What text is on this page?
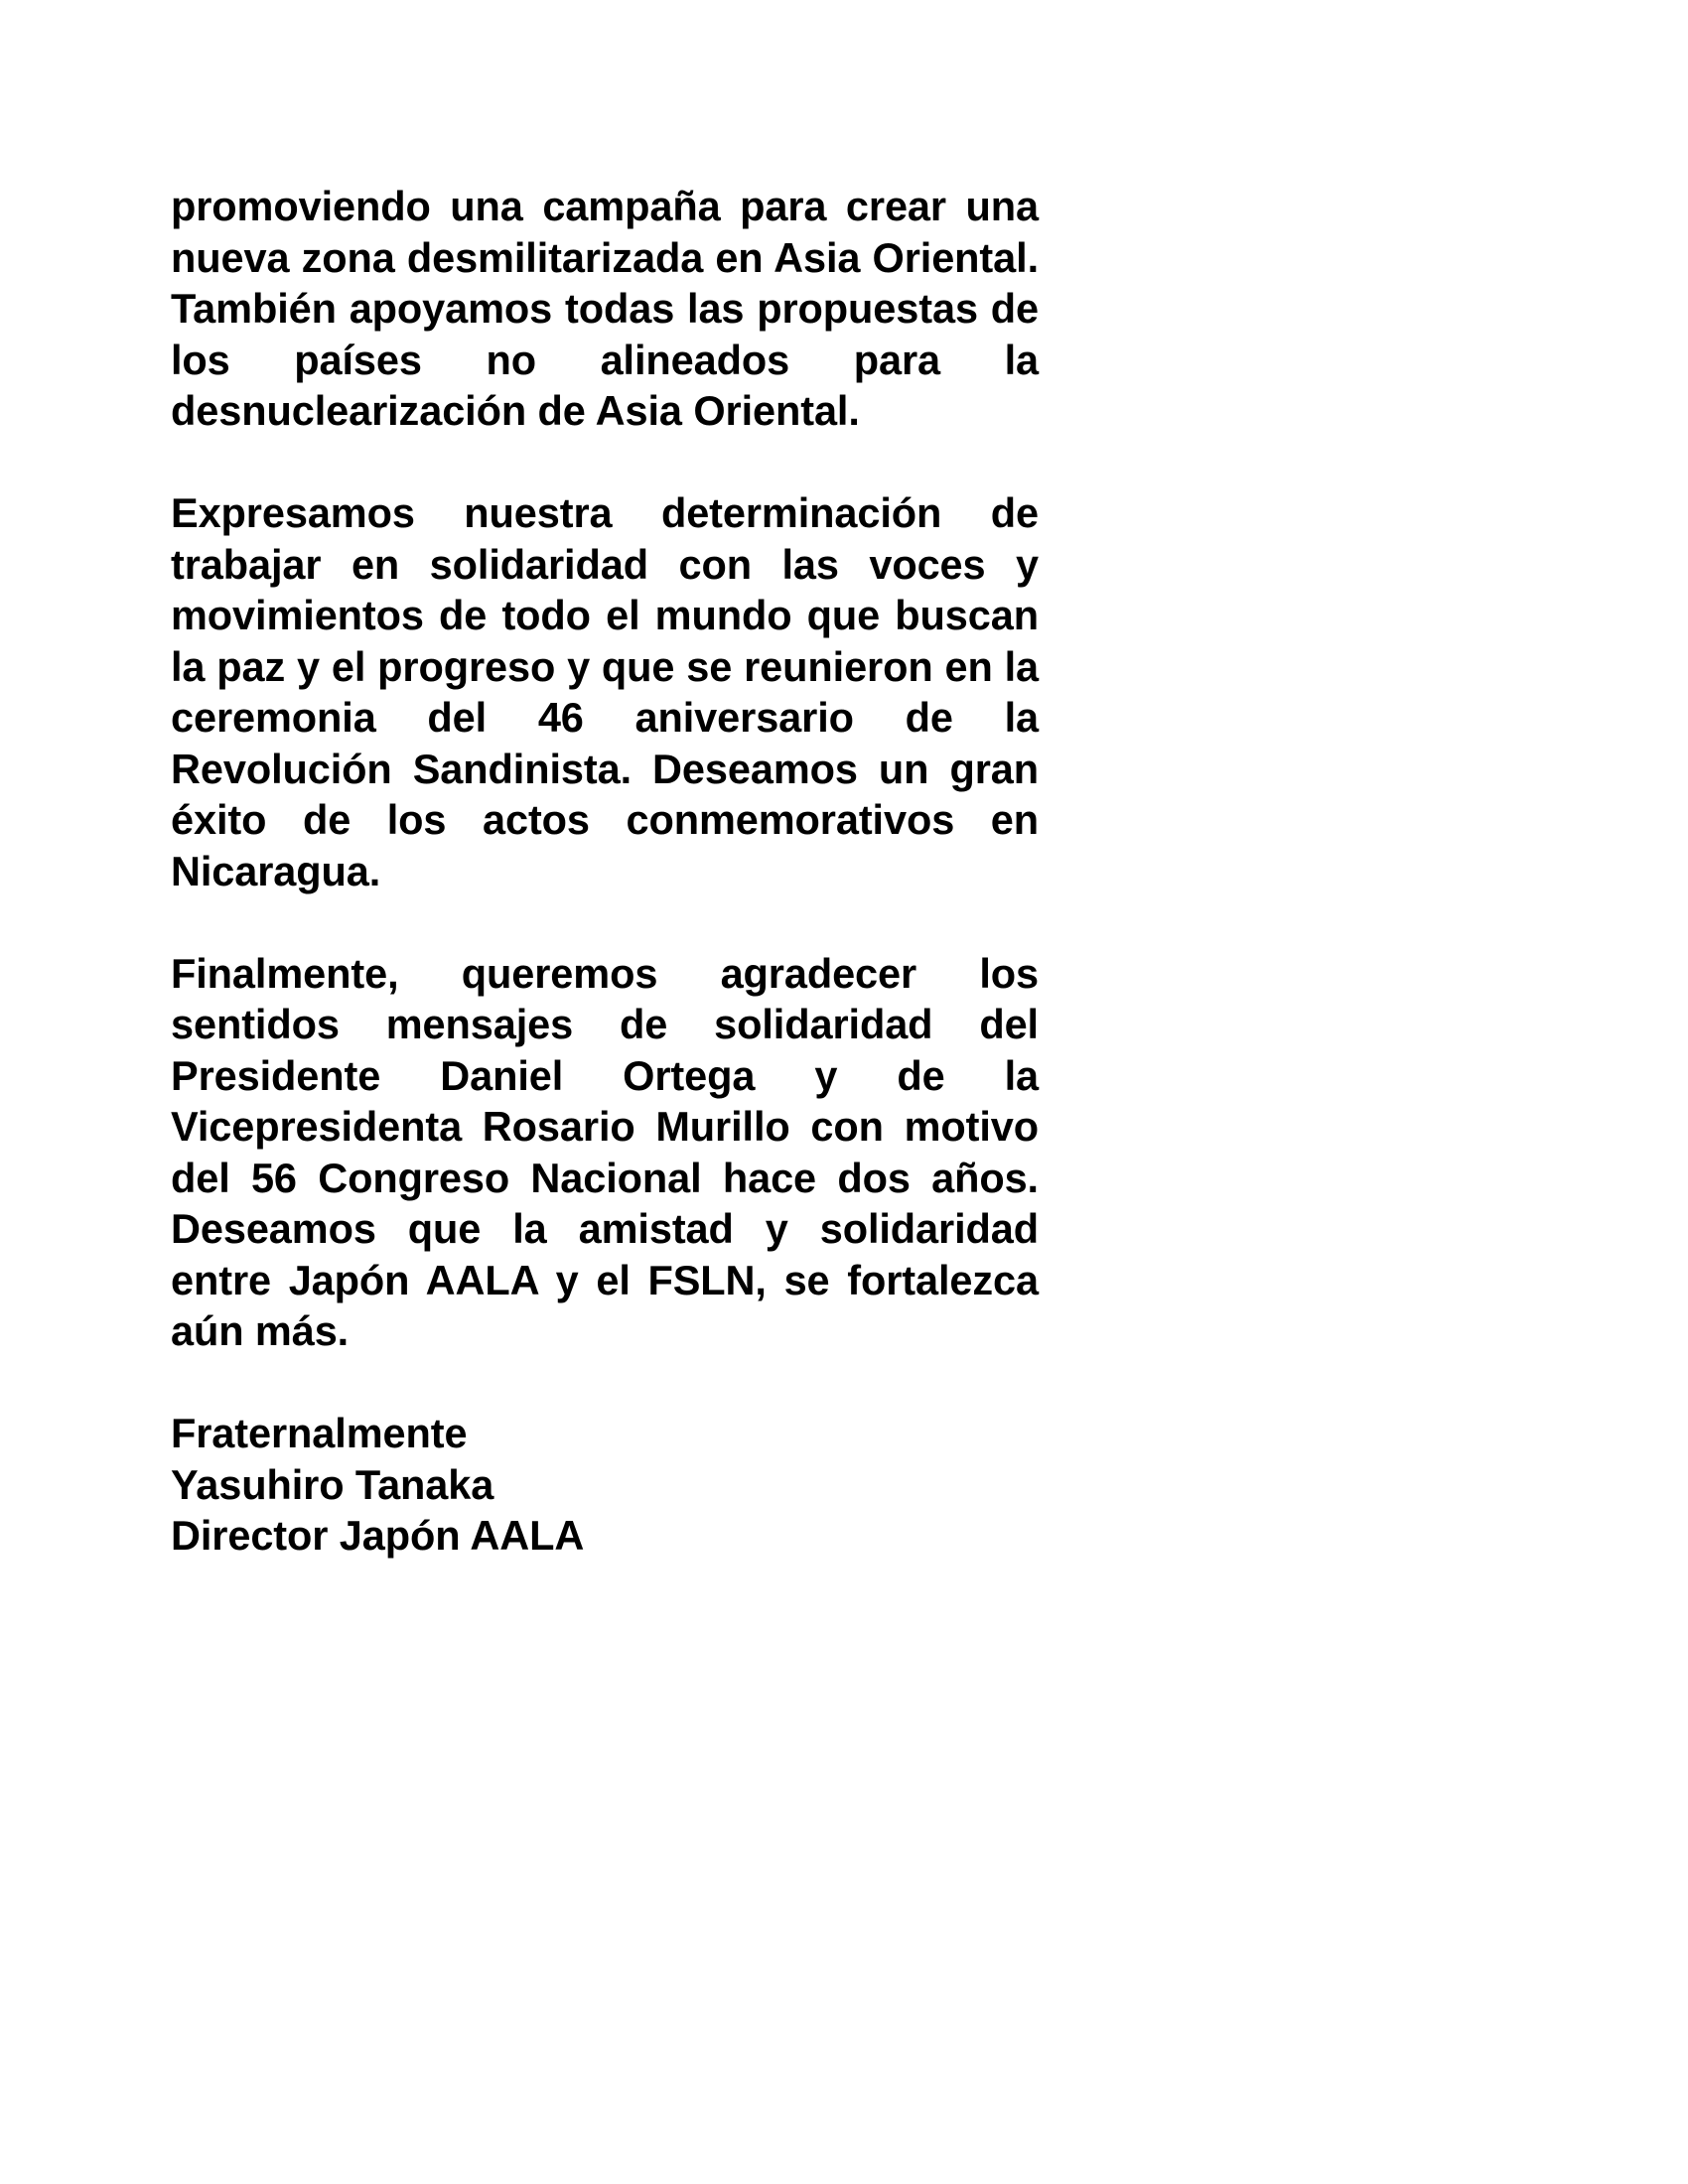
promoviendo una campaña para crear una nueva zona desmilitarizada en Asia Oriental. También apoyamos todas las propuestas de los países no alineados para la desnuclearización de Asia Oriental.

Expresamos nuestra determinación de trabajar en solidaridad con las voces y movimientos de todo el mundo que buscan la paz y el progreso y que se reunieron en la ceremonia del 46 aniversario de la Revolución Sandinista. Deseamos un gran éxito de los actos conmemorativos en Nicaragua.

Finalmente, queremos agradecer los sentidos mensajes de solidaridad del Presidente Daniel Ortega y de la Vicepresidenta Rosario Murillo con motivo del 56 Congreso Nacional hace dos años. Deseamos que la amistad y solidaridad entre Japón AALA y el FSLN, se fortalezca aún más.

Fraternalmente
Yasuhiro Tanaka
Director Japón AALA
